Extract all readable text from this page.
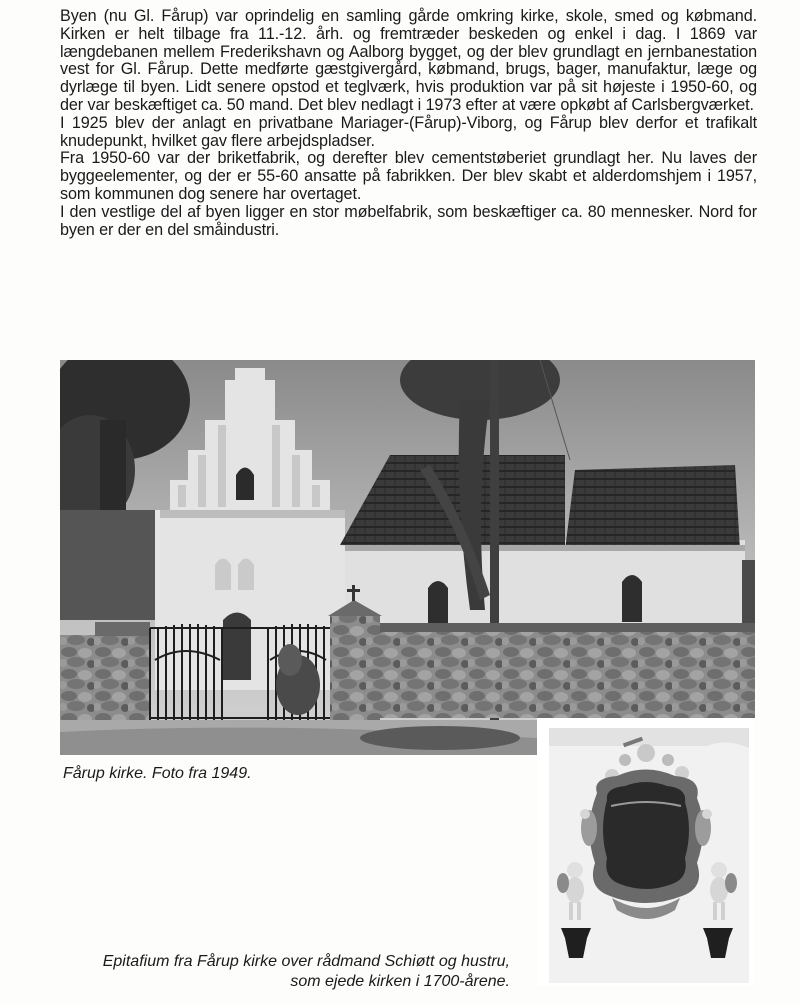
Byen (nu Gl. Fårup) var oprindelig en samling gårde omkring kirke, skole, smed og købmand. Kirken er helt tilbage fra 11.-12. årh. og fremtræder beskeden og enkel i dag. I 1869 var længdebanen mellem Frederikshavn og Aalborg bygget, og der blev grundlagt en jernbanestation vest for Gl. Fårup. Dette medførte gæstgivergård, købmand, brugs, bager, manufaktur, læge og dyrlæge til byen. Lidt senere opstod et teglværk, hvis produktion var på sit højeste i 1950-60, og der var beskæftiget ca. 50 mand. Det blev nedlagt i 1973 efter at være opkøbt af Carlsbergværket.

I 1925 blev der anlagt en privatbane Mariager-(Fårup)-Viborg, og Fårup blev derfor et trafikalt knudepunkt, hvilket gav flere arbejdspladser.

Fra 1950-60 var der briketfabrik, og derefter blev cementstøberiet grundlagt her. Nu laves der byggeelementer, og der er 55-60 ansatte på fabrikken. Der blev skabt et alderdomshjem i 1957, som kommunen dog senere har overtaget.

I den vestlige del af byen ligger en stor møbelfabrik, som beskæftiger ca. 80 mennesker. Nord for byen er der en del småindustri.

Fårup kirke. Foto fra 1949.
Epitafium fra Fårup kirke over rådmand Schiøtt og hustru,
som ejede kirken i 1700-årene.
